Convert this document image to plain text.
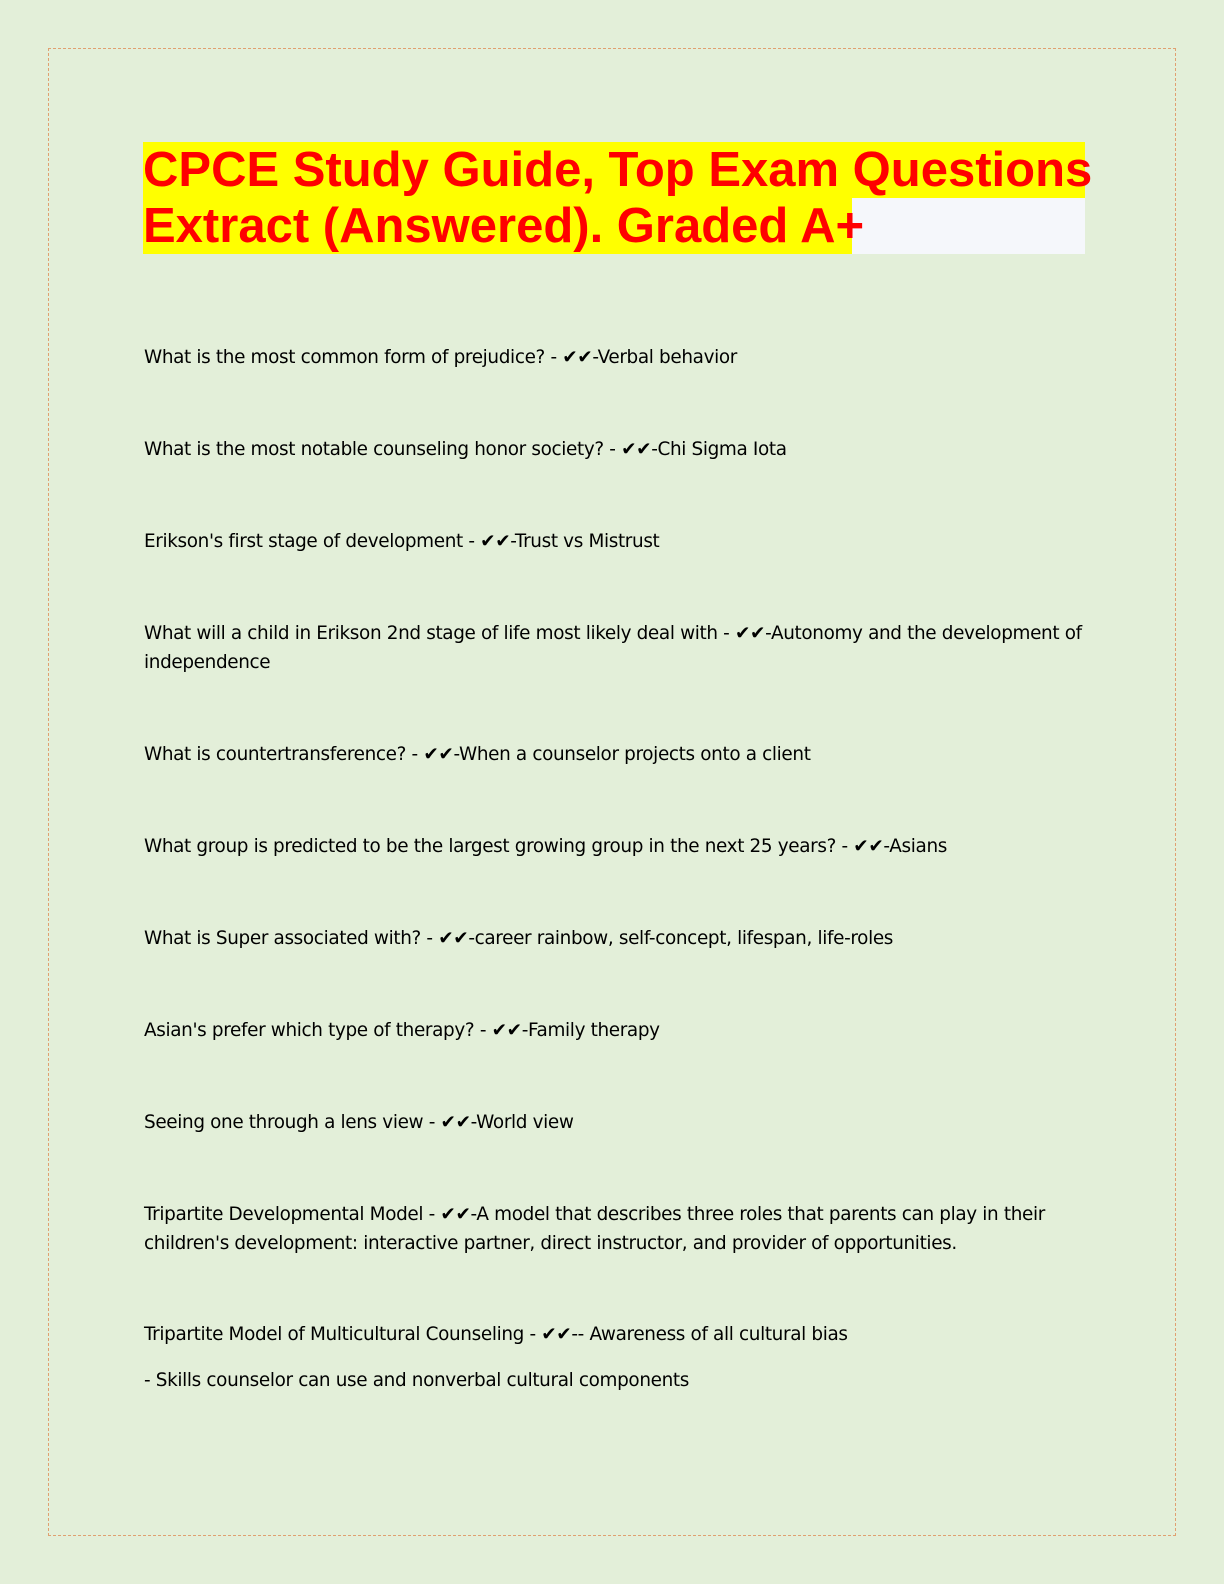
CPCE Study Guide, Top Exam Questions
Extract (Answered). Graded A+
What is the most common form of prejudice? - ✔✔-Verbal behavior
What is the most notable counseling honor society? - ✔✔-Chi Sigma Iota
Erikson's first stage of development - ✔✔-Trust vs Mistrust
What will a child in Erikson 2nd stage of life most likely deal with - ✔✔-Autonomy and the development of independence
What is countertransference? - ✔✔-When a counselor projects onto a client
What group is predicted to be the largest growing group in the next 25 years? - ✔✔-Asians
What is Super associated with? - ✔✔-career rainbow, self-concept, lifespan, life-roles
Asian's prefer which type of therapy? - ✔✔-Family therapy
Seeing one through a lens view - ✔✔-World view
Tripartite Developmental Model - ✔✔-A model that describes three roles that parents can play in their children's development: interactive partner, direct instructor, and provider of opportunities.
Tripartite Model of Multicultural Counseling - ✔✔-- Awareness of all cultural bias
- Skills counselor can use and nonverbal cultural components
